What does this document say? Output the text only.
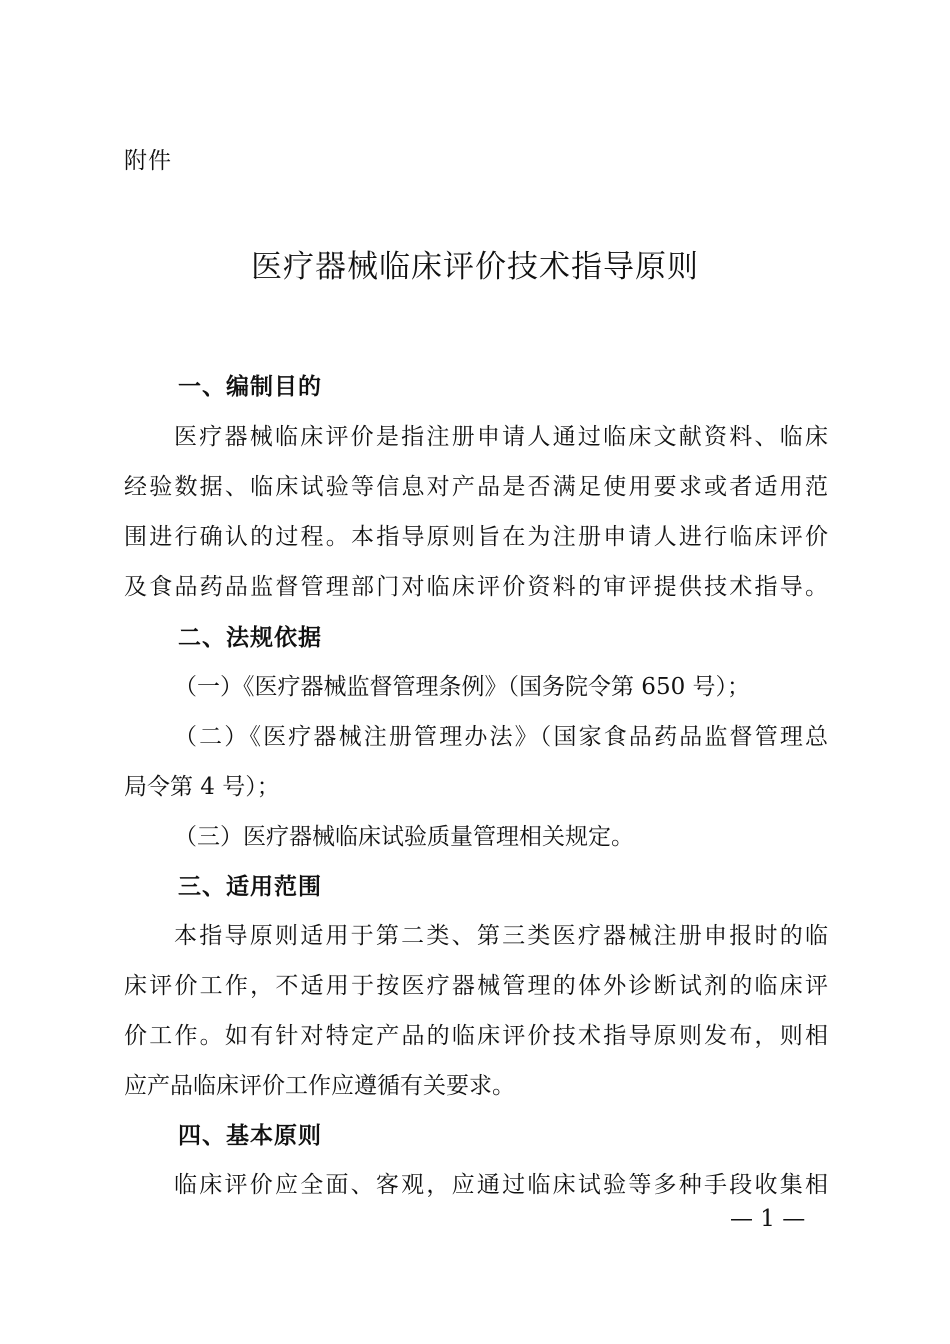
附件
医疗器械临床评价技术指导原则
一、编制目的
医疗器械临床评价是指注册申请人通过临床文献资料、临床
经验数据、临床试验等信息对产品是否满足使用要求或者适用范
围进行确认的过程。本指导原则旨在为注册申请人进行临床评价
及食品药品监督管理部门对临床评价资料的审评提供技术指导。
二、法规依据
（一）《医疗器械监督管理条例》（国务院令第 650 号）；
（二）《医疗器械注册管理办法》（国家食品药品监督管理总
局令第 4 号）；
（三）医疗器械临床试验质量管理相关规定。
三、适用范围
本指导原则适用于第二类、第三类医疗器械注册申报时的临
床评价工作，不适用于按医疗器械管理的体外诊断试剂的临床评
价工作。如有针对特定产品的临床评价技术指导原则发布，则相
应产品临床评价工作应遵循有关要求。
四、基本原则
临床评价应全面、客观，应通过临床试验等多种手段收集相
— 1 —
